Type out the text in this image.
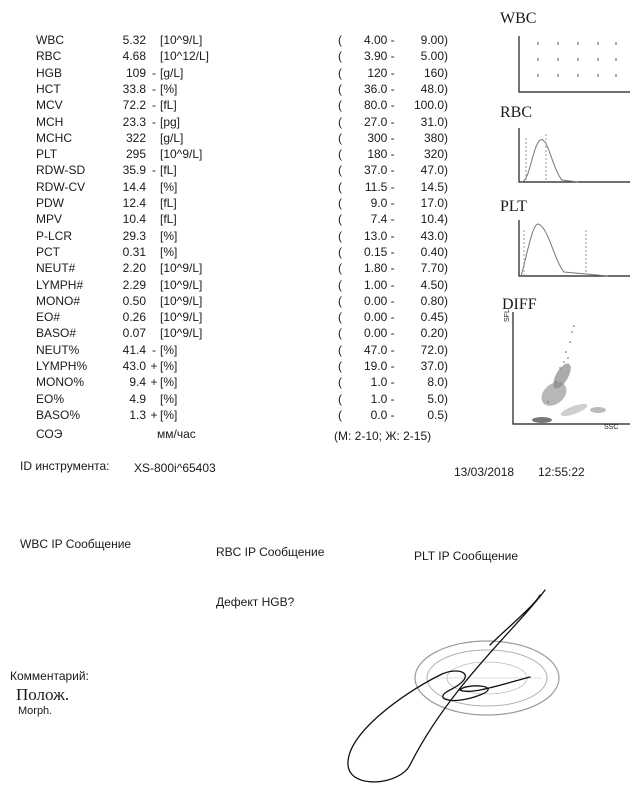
WBC	5.32 [10^9/L]	( 4.00 - 9.00)
RBC	4.68 [10^12/L]	( 3.90 - 5.00)
HGB	109 - [g/L]	( 120 - 160)
HCT	33.8 - [%]	( 36.0 - 48.0)
MCV	72.2 - [fL]	( 80.0 - 100.0)
MCH	23.3 - [pg]	( 27.0 - 31.0)
MCHC	322 [g/L]	( 300 - 380)
PLT	295 [10^9/L]	( 180 - 320)
RDW-SD	35.9 - [fL]	( 37.0 - 47.0)
RDW-CV	14.4 [%]	( 11.5 - 14.5)
PDW	12.4 [fL]	( 9.0 - 17.0)
MPV	10.4 [fL]	( 7.4 - 10.4)
P-LCR	29.3 [%]	( 13.0 - 43.0)
PCT	0.31 [%]	( 0.15 - 0.40)
NEUT#	2.20 [10^9/L]	( 1.80 - 7.70)
LYMPH#	2.29 [10^9/L]	( 1.00 - 4.50)
MONO#	0.50 [10^9/L]	( 0.00 - 0.80)
EO#	0.26 [10^9/L]	( 0.00 - 0.45)
BASO#	0.07 [10^9/L]	( 0.00 - 0.20)
NEUT%	41.4 - [%]	( 47.0 - 72.0)
LYMPH%	43.0 + [%]	( 19.0 - 37.0)
MONO%	9.4 + [%]	( 1.0 - 8.0)
EO%	4.9 [%]	( 1.0 - 5.0)
BASO%	1.3 + [%]	( 0.0 - 0.5)
СОЭ	мм/час	(М: 2-10; Ж: 2-15)
WBC
RBC
PLT
DIFF
SFL
SSC
ID инструмента: XS-800i^65403	13/03/2018 12:55:22
WBC IP Сообщение
RBC IP Сообщение	PLT IP Сообщение
Дефект HGB?
Комментарий:
Полож.
Morph.
